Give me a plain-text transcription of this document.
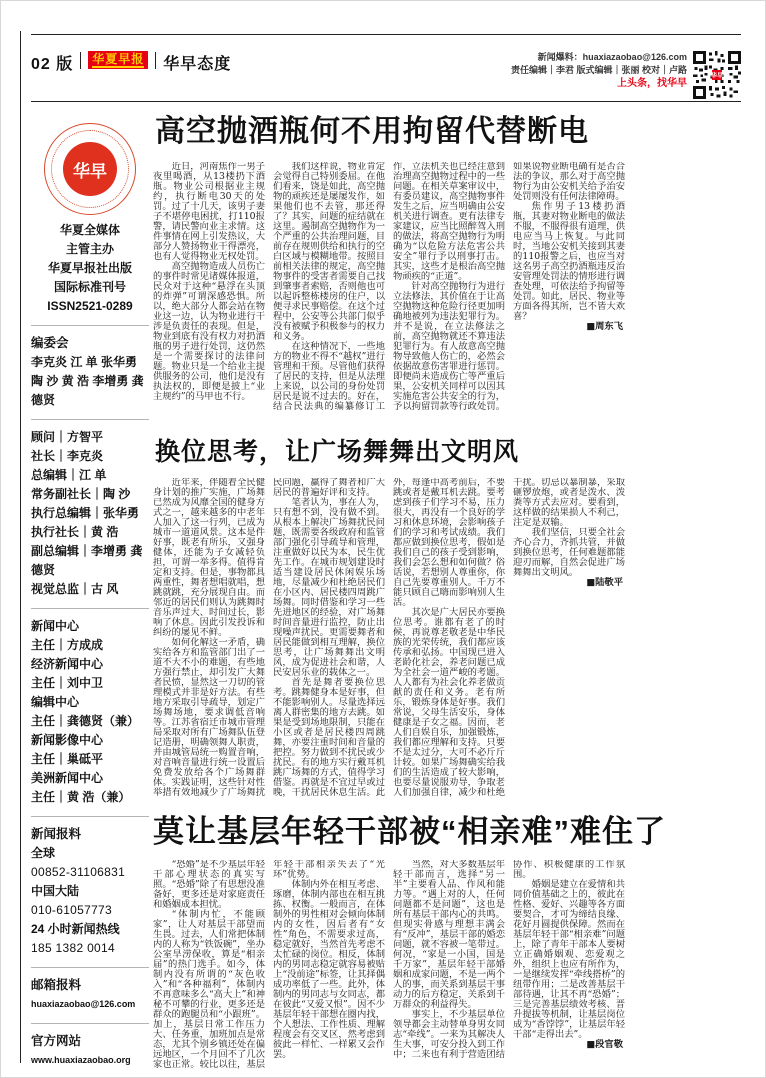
02 版	华夏早报 华早态度	新闻爆料：huaxiazaobao@126.com
责任编辑｜李君 版式编辑｜张丽 校对｜卢路
上头条，找华早
华早
华早
华夏全媒体
主管主办
华夏早报社出版
国际标准刊号
ISSN2521-0289
编委会
李克炎 江 单 张华勇 陶 沙 黄 浩 李增勇 龚德贤
顾问｜方智平
社长｜李克炎
总编辑｜江 单
常务副社长｜陶 沙
执行总编辑｜张华勇
执行社长｜黄 浩
副总编辑｜李增勇 龚德贤
视觉总监｜古 风
新闻中心
主任｜方成成
经济新闻中心
主任｜刘中卫
编辑中心
主任｜龚德贤（兼）
新闻影像中心
主任｜巢砥平
美洲新闻中心
主任｜黄 浩（兼）
新闻报料
全球
00852-31106831
中国大陆
010-61057773
24 小时新闻热线
185 1382 0014
邮箱报料
huaxiazaobao@126.com
官方网站
www.huaxiazaobao.org
高空抛酒瓶何不用拘留代替断电

近日，河南焦作一男子夜里喝酒，从13楼扔下酒瓶。物业公司根据业主规约，执行断电30天的处罚。过了十几天，该男子妻子不堪停电困扰，打110报警，请民警向业主求情。这件事情在网上引发热议，大部分人赞扬物业干得漂亮，也有人觉得物业无权处罚。

高空抛物造成人员伤亡的事件时常见诸媒体报道，民众对于这种“悬浮在头顶的炸弹”可谓深感恐惧。所以，绝大部分人都会站在物业这一边，认为物业进行干涉是负责任的表现。但是，物业到底有没有权力对扔酒瓶的男子进行处罚，这仍然是一个需要探讨的法律问题。物业只是一个给业主提供服务的公司，他们是没有执法权的，即便是披上“业主规约”的马甲也不行。

我们这样说，物业肯定会觉得自己特别委屈。在他们看来，饶是如此，高空抛物的顽疾还是屡屡发作，如果他们也不去管，那还得了？其实，问题的症结就在这里。遏制高空抛物作为一个严重的公共治理问题，目前存在规则供给和执行的空白区域与模糊地带。按照目前相关法律的规定，高空抛物事件的受害者需要自己找到肇事者索赔，否则他也可以起诉整栋楼房的住户，以便寻求民事赔偿。在这个过程中，公安等公共部门似乎没有被赋予积极参与的权力和义务。

在这种情况下，一些地方的物业不得不“越权”进行管理和干预。尽管他们获得了居民的支持，但是从法理上来说，以公司的身份处罚居民是说不过去的。好在，结合民法典的编纂修订工作，立法机关也已经注意到治理高空抛物过程中的一些问题。在相关草案审议中，有委员建议，高空抛物事件发生之后，应当明确由公安机关进行调查。更有法律专家建议，应当比照醉驾入刑的做法，将高空抛物行为明确为“以危险方法危害公共安全”罪行予以刑事打击。其实，这些才是根治高空抛物顽疾的“正道”。

针对高空抛物行为进行立法修法，其价值在于让高空抛物这种危险行径更加明确地被列为违法犯罪行为。并不是说，在立法修法之前，高空抛物就还不算违法犯罪行为。有人故意高空抛物导致他人伤亡的，必然会依据故意伤害罪进行惩罚。即便尚未造成伤亡等严重后果，公安机关同样可以因其实施危害公共安全的行为，予以拘留罚款等行政处罚。如果说物业断电确有是否合法的争议，那么对于高空抛物行为由公安机关给予治安处罚则没有任何法律障碍。

焦作男子13楼扔酒瓶，其妻对物业断电的做法不服，不服得很有道理，供电应当马上恢复。与此同时，当地公安机关接到其妻的110报警之后，也应当对这名男子高空扔酒瓶违反治安管理处罚法的情形进行调查处理，可依法给予拘留等处罚。如此，居民、物业等方面各得其所，岂不皆大欢喜？

■周东飞

换位思考，让广场舞舞出文明风

近年来，伴随着全民健身计划的推广实施，广场舞已然成为风靡全国的健身方式之一，越来越多的中老年人加入了这一行列，已成为城市一道道风景。这本是件好事，既老有所乐，又强身健体，还能为子女减轻负担，可谓一举多得。值得肯定和支持。但是，事物都具两重性，舞者想唱就唱，想跳就跳，充分展现自由。而邻近的居民们则认为跳舞时音乐声过大、时间过长，影响了休息。因此引发投诉和纠纷的屡见不鲜。

如何化解这一矛盾，确实给各方和监管部门出了一道不大不小的难题，有些地方强行禁止，却引发广大舞者民愤，显然这一刀切的管理模式并非是好方法。有些地方采取引导疏导，划定广场舞场地，要求调低音响等。江苏省宿迁市城市管理局采取对所有广场舞队伍登记造册，明确领舞人职责，并由城管局统一购置音响，对音响音量进行统一设置后免费发放给各个广场舞群体。实践证明，这些针对性举措有效地减少了广场舞扰民问题，赢得了舞者和广大居民的普遍好评和支持。

笔者认为，事在人为，只有想不到，没有做不到。从根本上解决广场舞扰民问题，既需要各级政府和监管部门强化引导疏导和管理，注重做好以民为本，民生优先工作。在城市规划建设时适当建设居民休闲娱乐场地，尽量减少和杜绝居民们在小区内、居民楼四周跳广场舞。同时借鉴和学习一些先进地区的经验，对广场舞时间音量进行监控，防止出现噪声扰民。更需要舞者和居民能做到相互理解，换位思考，让广场舞舞出文明风，成为促进社会和谐，人民安居乐业的载体之一。

首先是舞者要换位思考。跳舞健身本是好事，但不能影响别人。尽量选择远离人群密集的地方去跳。如果是受到场地限制，只能在小区或者是居民楼四周跳舞，亦要注重时间和音量的把控。努力做到不扰民或少扰民。有的地方实行戴耳机跳广场舞的方式，值得学习借鉴。再就是不宜过早或过晚，干扰居民休息生活。此外，每逢中高考前后，不要跳或者是戴耳机去跳。要考虑到孩子们学习不易，压力很大，再没有一个良好的学习和休息环境，会影响孩子们的学习和考试成绩。我们都应做到换位思考，假如是我们自己的孩子受到影响，我们会怎么想和如何做？俗话说，若想别人尊重你，你自己先要尊重别人。千万不能只顾自己嗨而影响别人生活。

其次是广大居民亦要换位思考。谁都有老了的时候，再说尊老敬老是中华民族的光荣传统，我们都应该传承和弘扬。中国现已进入老龄化社会，养老问题已成为全社会一道严峻的考题。人人都有为社会化养老做贡献的责任和义务。老有所乐，锻炼身体是好事。我们常说，父母生活安乐，身体健康是子女之福。因而，老人们自娱自乐，加强锻炼，我们都应理解和支持。只要不是太过分，大可不必斤斤计较。如果广场舞确实给我们的生活造成了较大影响，也要尽量说服劝导，争取老人们加强自律，减少和杜绝干扰。切忌以暴制暴，采取砸锣放炮，或者是泼水、泼粪等方式去应对。要看到，这样做的结果损人不利己，注定是双输。

我们坚信，只要全社会齐心合力，齐抓共管，并做到换位思考，任何难题都能迎刃而解，自然会促进广场舞舞出文明风。

■陆敬平

莫让基层年轻干部被“相亲难”难住了

“恐婚”是不少基层年轻干部心理状态的真实写照。“恐婚”除了有思想没准备好，更多还是对家庭责任和婚姻成本担忧。

“体制内忙，不能顾家”，让人对基层干部望而生畏。过去，人们常把体制内的人称为“铁饭碗”，坐办公室旱涝保收，算是“相亲届”的热门选手。如今，体制内没有所谓的“灰色收入”和“各种福利”，体制内不再意味多么“高大上”和神秘不可攀的行业，更多还是群众的跑腿员和“小跟班”。加上，基层日常工作压力大、任务重，加班加点是常态，尤其个别乡镇还处在偏远地区，一个月回不了几次家也正常。较比以往，基层年轻干部相亲失去了“光环”优势。

体制内外在相互考虑、琢磨，体制内部也在相互挑拣、权衡。一般而言，在体制外的男性相对会倾向体制内的女性，因后者有“女性”角色，不需要求过高，稳定就好，当然首先考虑不太忙碌的岗位。相反，体制内的男同志稳定就容易被贴上“没前途”标签，让其择偶成功率低了一些。此外，体制内的男同志与女同志，都在彼此“又爱又恨”。因不少基层年轻干部想在圈内找，个人想法、工作性质、理解程度会有交叉区，然考虑到彼此一样忙、一样累又会作罢。

当然，对大多数基层年轻干部而言，选择“另一半”主要看人品、作风和能力等。“遇上对的人，任何问题都不是问题”，这也是所有基层干部内心的共鸣。但现实骨感与理想丰满会有“反冲”，基层干部的婚恋问题，就不容被一笔带过。何况，“家是一小国，国是千万家”，基层年轻干部婚姻和成家问题，不是一两个人的事，而关系到基层干事动力的后方稳定，关系到千万群众的利益得失。

事实上，不少基层单位领导都会主动替单身男女同志“牵线”。一来为其解决人生大事，可安分投入到工作中；二来也有利于营造团结协作、积极健康的工作氛围。

婚姻是建立在爱情和共同价值基础之上的，彼此在性格、爱好、兴趣等各方面要契合，才可为缔结良缘、花好月圆提供保障。然而在基层年轻干部“相亲难”问题上，除了青年干部本人要树立正确婚姻观、恋爱观之外，组织上也应有所作为，一是继续发挥“牵线搭桥”的纽带作用；二是改善基层干部待遇，让其不再“恐婚”；三是完善基层绩效考核、晋升提拔等机制，让基层岗位成为“香饽饽”，让基层年轻干部“走得出去”。

■段官敬
